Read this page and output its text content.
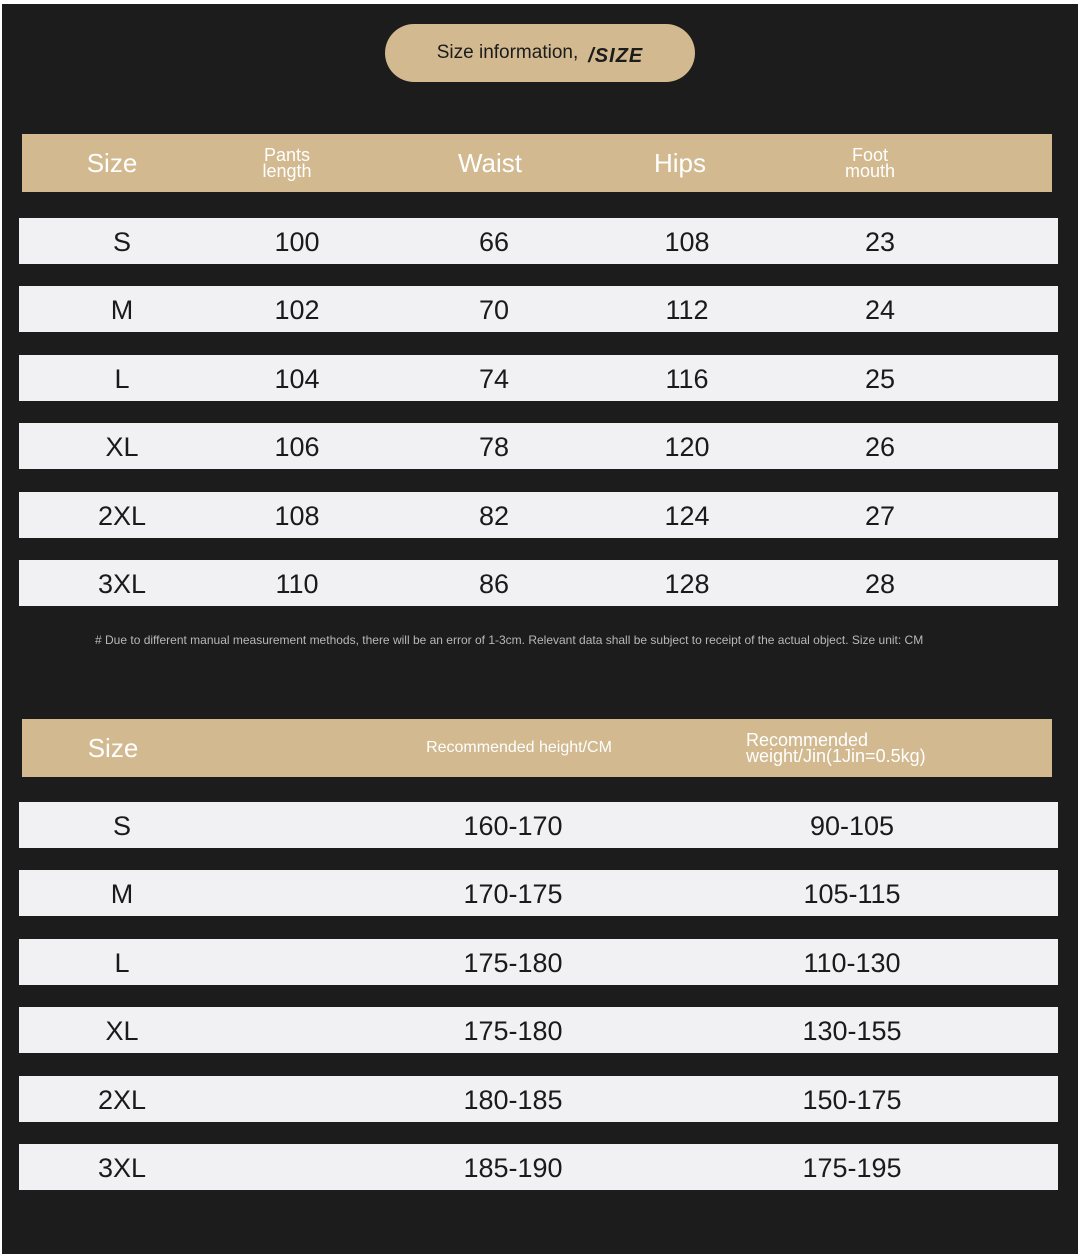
Size information, /SIZE
Size	Pants length	Waist	Hips	Foot mouth
S	100	66	108	23
M	102	70	112	24
L	104	74	116	25
XL	106	78	120	26
2XL	108	82	124	27
3XL	110	86	128	28
# Due to different manual measurement methods, there will be an error of 1-3cm. Relevant data shall be subject to receipt of the actual object. Size unit: CM
Size	Recommended height/CM	Recommended weight/Jin(1Jin=0.5kg)
S	160-170	90-105
M	170-175	105-115
L	175-180	110-130
XL	175-180	130-155
2XL	180-185	150-175
3XL	185-190	175-195
